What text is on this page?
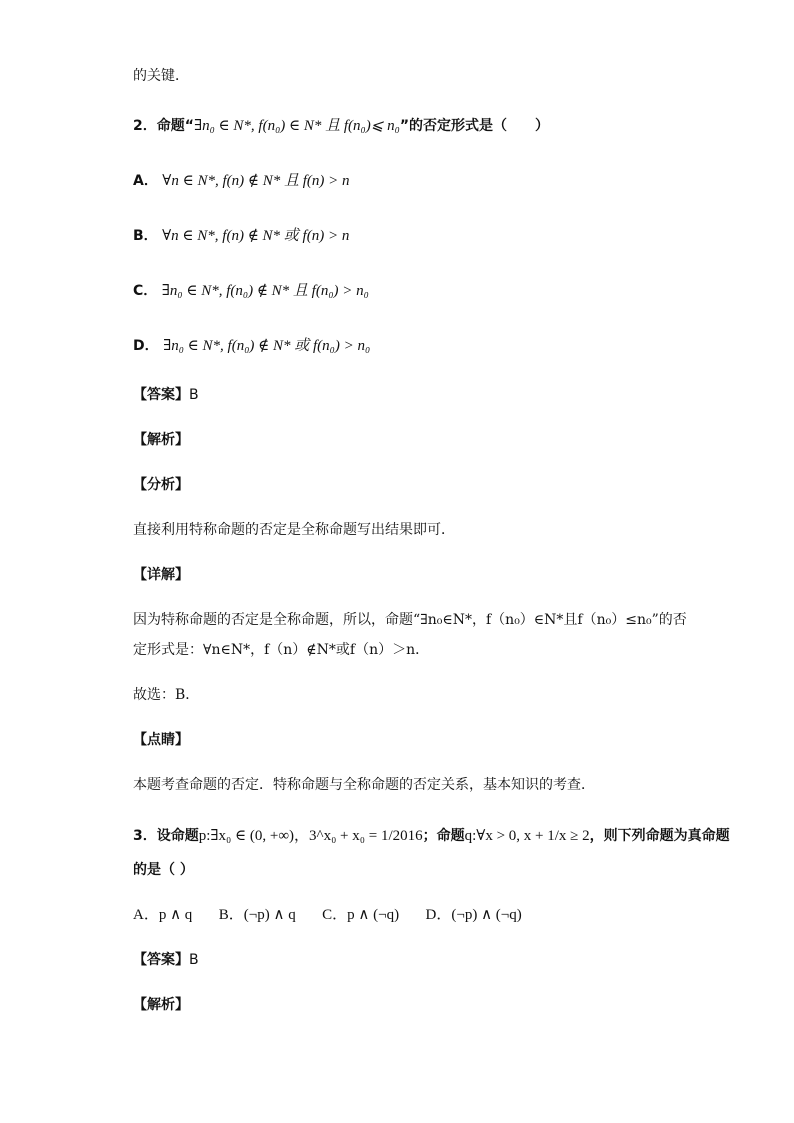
的关键．
2．命题“∃n₀ ∈ N*, f(n₀) ∈ N* 且 f(n₀)⩽ n₀”的否定形式是（　　）
A． ∀n ∈ N*, f(n) ∉ N* 且 f(n) > n
B． ∀n ∈ N*, f(n) ∉ N* 或 f(n) > n
C． ∃n₀ ∈ N*, f(n₀) ∉ N* 且 f(n₀) > n₀
D． ∃n₀ ∈ N*, f(n₀) ∉ N* 或 f(n₀) > n₀
【答案】B
【解析】
【分析】
直接利用特称命题的否定是全称命题写出结果即可．
【详解】
因为特称命题的否定是全称命题，所以，命题“∃n₀∈N*，f（n₀）∈N*且f（n₀）≤n₀”的否
定形式是：∀n∈N*，f（n）∉N*或f（n）＞n．
故选：B．
【点睛】
本题考查命题的否定．特称命题与全称命题的否定关系，基本知识的考查．
3．设命题p:∃x₀ ∈ (0, +∞)，3^x₀ + x₀ = 1/2016；命题q:∀x > 0, x + 1/x ≥ 2，则下列命题为真命题
的是（ ）
A．p ∧ q B．(¬p) ∧ q C．p ∧ (¬q) D．(¬p) ∧ (¬q)
【答案】B
【解析】
